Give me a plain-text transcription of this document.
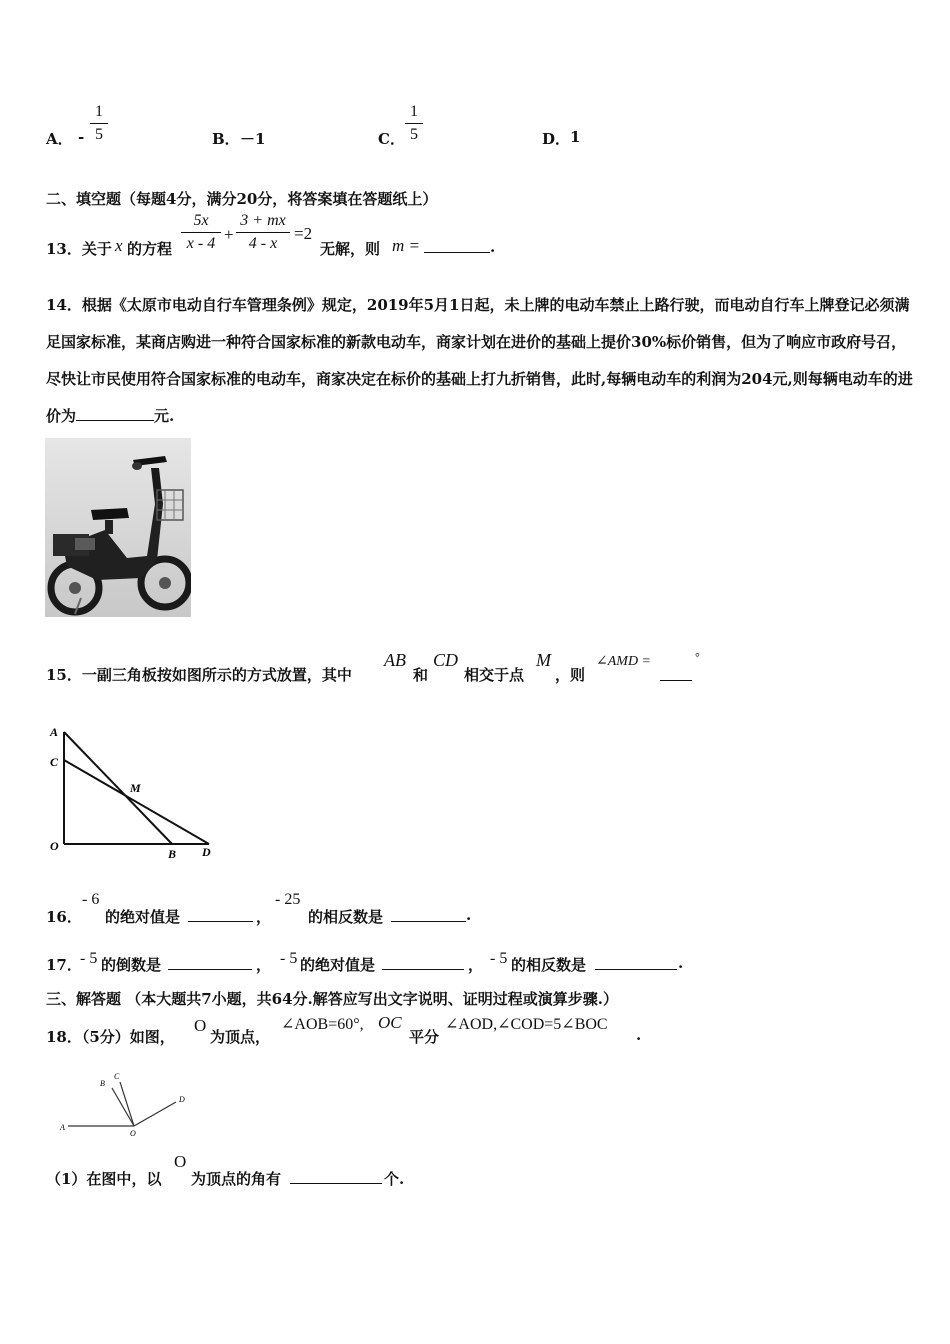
A． -
1
5	B． －1	C．
1
5	D． 1
二、填空题（每题4分，满分20分，将答案填在答题纸上）
13．关于 x 的方程
5x
x - 4 +
3 + mx
4 - x
=2
无解，则 m =	.
14．根据《太原市电动自行车管理条例》规定，2019年5月1日起，未上牌的电动车禁止上路行驶，而电动自行车上牌登记必须满足国家标准，某商店购进一种符合国家标准的新款电动车，商家计划在进价的基础上提价30%标价销售，但为了响应市政府号召，尽快让市民使用符合国家标准的电动车，商家决定在标价的基础上打九折销售，此时,每辆电动车的利润为204元,则每辆电动车的进价为	元.
15．一副三角板按如图所示的方式放置，其中
AB
和
CD
相交于点
M
，则
∠AMD =	°
A
C
M
O
B D
16．
- 6
的绝对值是	，
- 25
的相反数是	.
17．
- 5 的倒数是	， - 5 的绝对值是	， - 5 的相反数是	.
三、解答题 （本大题共7小题，共64分.解答应写出文字说明、证明过程或演算步骤.）
18．（5分）如图，
O
为顶点，
∠AOB=60°, OC
平分
∠AOD,∠COD=5∠BOC
.
A
B
C
O
D
（1）在图中，以
O
为顶点的角有	个.
